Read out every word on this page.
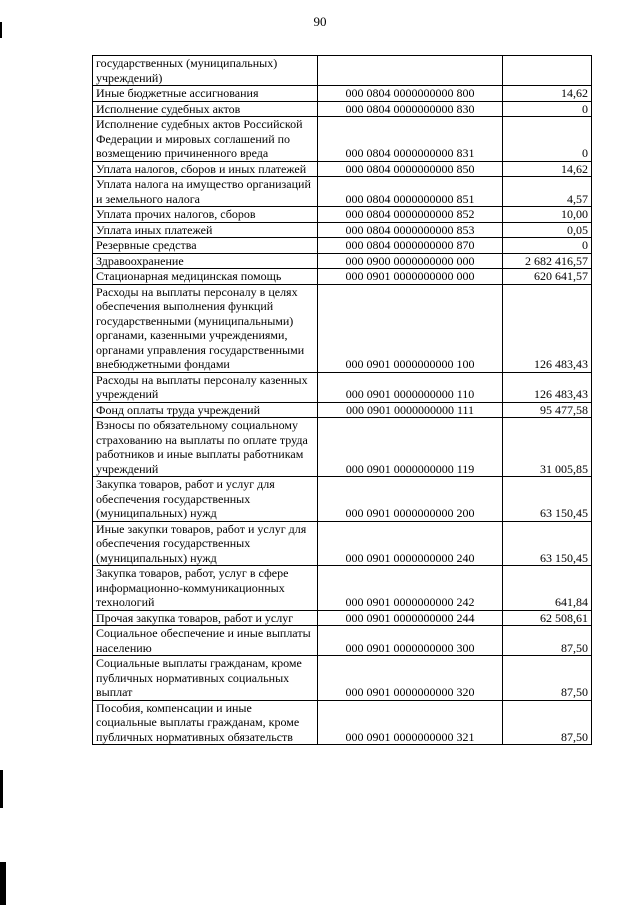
90
государственных (муниципальных) учреждений)		
Иные бюджетные ассигнования	000 0804 0000000000 800	14,62
Исполнение судебных актов	000 0804 0000000000 830	0
Исполнение судебных актов Российской Федерации и мировых соглашений по возмещению причиненного вреда	000 0804 0000000000 831	0
Уплата налогов, сборов и иных платежей	000 0804 0000000000 850	14,62
Уплата налога на имущество организаций и земельного налога	000 0804 0000000000 851	4,57
Уплата прочих налогов, сборов	000 0804 0000000000 852	10,00
Уплата иных платежей	000 0804 0000000000 853	0,05
Резервные средства	000 0804 0000000000 870	0
Здравоохранение	000 0900 0000000000 000	2 682 416,57
Стационарная медицинская помощь	000 0901 0000000000 000	620 641,57
Расходы на выплаты персоналу в целях обеспечения выполнения функций государственными (муниципальными) органами, казенными учреждениями, органами управления государственными внебюджетными фондами	000 0901 0000000000 100	126 483,43
Расходы на выплаты персоналу казенных учреждений	000 0901 0000000000 110	126 483,43
Фонд оплаты труда учреждений	000 0901 0000000000 111	95 477,58
Взносы по обязательному социальному страхованию на выплаты по оплате труда работников и иные выплаты работникам учреждений	000 0901 0000000000 119	31 005,85
Закупка товаров, работ и услуг для обеспечения государственных (муниципальных) нужд	000 0901 0000000000 200	63 150,45
Иные закупки товаров, работ и услуг для обеспечения государственных (муниципальных) нужд	000 0901 0000000000 240	63 150,45
Закупка товаров, работ, услуг в сфере информационно-коммуникационных технологий	000 0901 0000000000 242	641,84
Прочая закупка товаров, работ и услуг	000 0901 0000000000 244	62 508,61
Социальное обеспечение и иные выплаты населению	000 0901 0000000000 300	87,50
Социальные выплаты гражданам, кроме публичных нормативных социальных выплат	000 0901 0000000000 320	87,50
Пособия, компенсации и иные социальные выплаты гражданам, кроме публичных нормативных обязательств	000 0901 0000000000 321	87,50
